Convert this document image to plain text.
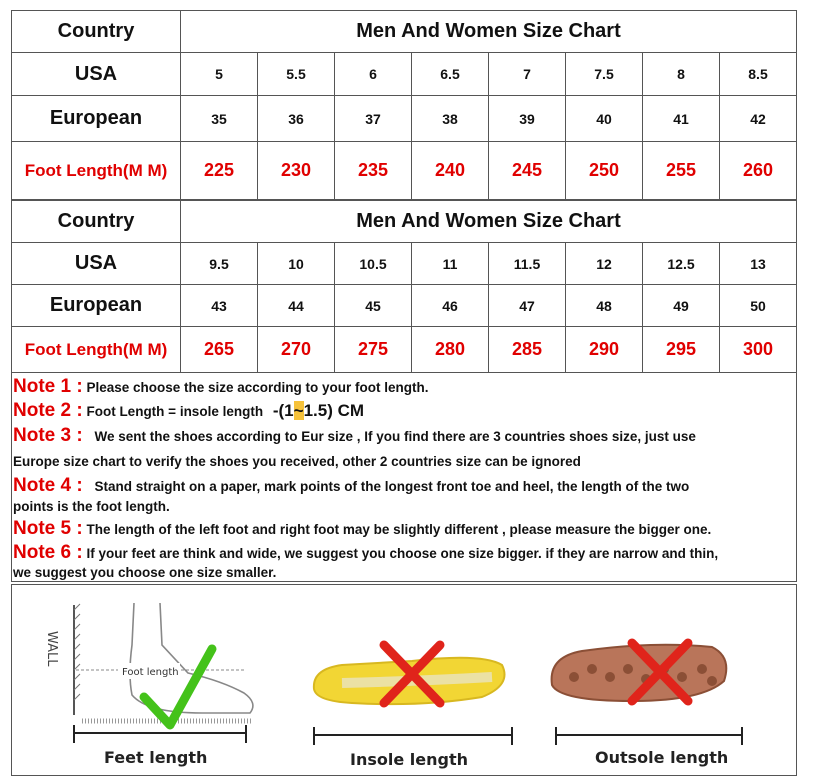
Country	Men And Women Size Chart							
USA	5	5.5	6	6.5	7	7.5	8	8.5
European	35	36	37	38	39	40	41	42
Foot Length(M M)	225	230	235	240	245	250	255	260
Country	Men And Women Size Chart							
USA	9.5	10	10.5	11	11.5	12	12.5	13
European	43	44	45	46	47	48	49	50
Foot Length(M M)	265	270	275	280	285	290	295	300
Note 1 : Please choose the size according to your foot length.
Note 2 : Foot Length = insole length -(1~1.5) CM
Note 3 : We sent the shoes according to Eur size , If you find there are 3 countries shoes size, just use
Europe size chart to verify the shoes you received, other 2 countries size can be ignored
Note 4 : Stand straight on a paper, mark points of the longest front toe and heel, the length of the two
points is the foot length.
Note 5 : The length of the left foot and right foot may be slightly different , please measure the bigger one.
Note 6 : If your feet are think and wide, we suggest you choose one size bigger. if they are narrow and thin,
we suggest you choose one size smaller.
WALL
Foot length
Feet length	Insole length	Outsole length
